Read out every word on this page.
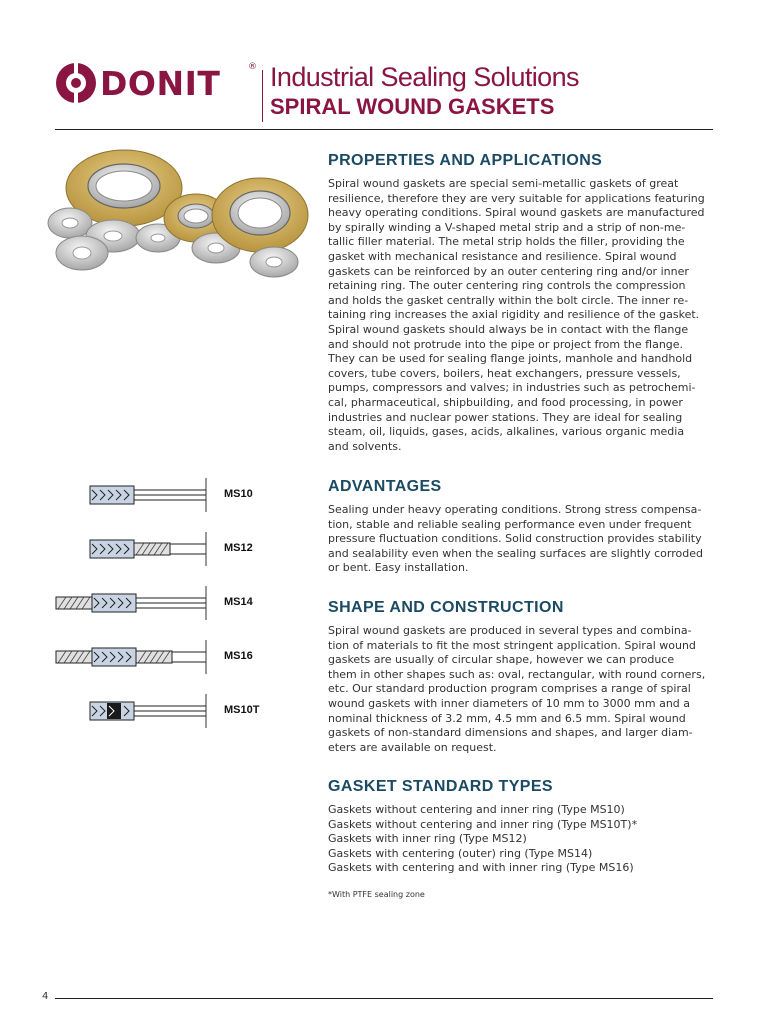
DONIT	® Industrial Sealing Solutions
SPIRAL WOUND GASKETS
MS10
MS12
MS14
MS16
MS10T
PROPERTIES AND APPLICATIONS

Spiral wound gaskets are special semi-metallic gaskets of great

resilience, therefore they are very suitable for applications featuring

heavy operating conditions. Spiral wound gaskets are manufactured

by spirally winding a V-shaped metal strip and a strip of non-me-

tallic filler material. The metal strip holds the filler, providing the

gasket with mechanical resistance and resilience. Spiral wound

gaskets can be reinforced by an outer centering ring and/or inner

retaining ring. The outer centering ring controls the compression

and holds the gasket centrally within the bolt circle. The inner re-

taining ring increases the axial rigidity and resilience of the gasket.

Spiral wound gaskets should always be in contact with the flange

and should not protrude into the pipe or project from the flange.

They can be used for sealing flange joints, manhole and handhold

covers, tube covers, boilers, heat exchangers, pressure vessels,

pumps, compressors and valves; in industries such as petrochemi-

cal, pharmaceutical, shipbuilding, and food processing, in power

industries and nuclear power stations. They are ideal for sealing

steam, oil, liquids, gases, acids, alkalines, various organic media

and solvents.

ADVANTAGES

Sealing under heavy operating conditions. Strong stress compensa-

tion, stable and reliable sealing performance even under frequent

pressure fluctuation conditions. Solid construction provides stability

and sealability even when the sealing surfaces are slightly corroded

or bent. Easy installation.

SHAPE AND CONSTRUCTION

Spiral wound gaskets are produced in several types and combina-

tion of materials to fit the most stringent application. Spiral wound

gaskets are usually of circular shape, however we can produce

them in other shapes such as: oval, rectangular, with round corners,

etc. Our standard production program comprises a range of spiral

wound gaskets with inner diameters of 10 mm to 3000 mm and a

nominal thickness of 3.2 mm, 4.5 mm and 6.5 mm. Spiral wound

gaskets of non-standard dimensions and shapes, and larger diam-

eters are available on request.

GASKET STANDARD TYPES
Gaskets without centering and inner ring (Type MS10)
Gaskets without centering and inner ring (Type MS10T)*
Gaskets with inner ring (Type MS12)
Gaskets with centering (outer) ring (Type MS14)
Gaskets with centering and with inner ring (Type MS16)
*With PTFE sealing zone
4
